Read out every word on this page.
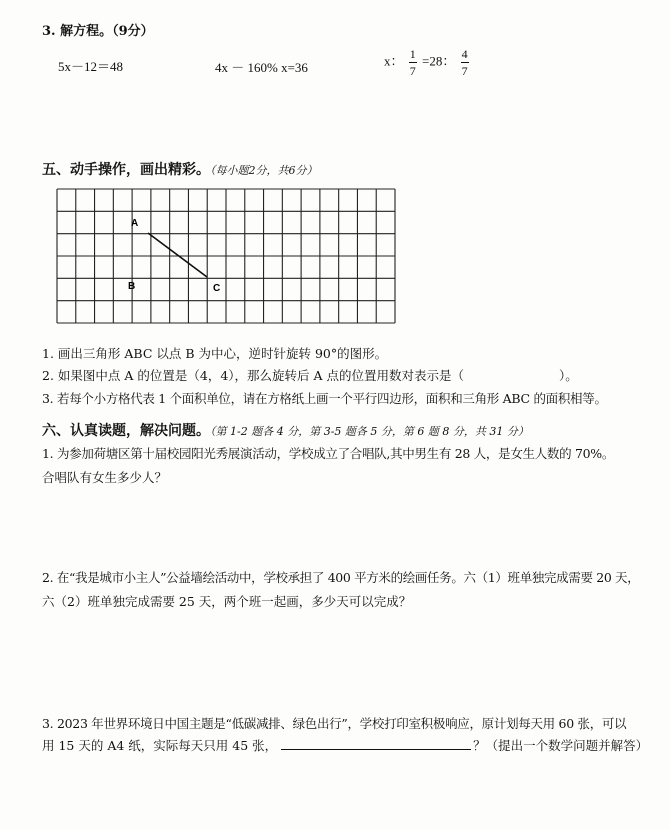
3. 解方程。（9分）
5x－12＝48	4x － 160% x=36	x： $\frac{1}{7} =28$： $\frac{4}{7}$
五、动手操作，画出精彩。（每小题2分，共6分）
A
B	C
1. 画出三角形 ABC 以点 B 为中心，逆时针旋转 90°的图形。
2. 如果图中点 A 的位置是（4，4），那么旋转后 A 点的位置用数对表示是（	）。
3. 若每个小方格代表 1 个面积单位，请在方格纸上画一个平行四边形，面积和三角形 ABC 的面积相等。
六、认真读题，解决问题。（第 1-2 题各 4 分，第 3-5 题各 5 分，第 6 题 8 分，共 31 分）
1. 为参加荷塘区第十届校园阳光秀展演活动，学校成立了合唱队,其中男生有 28 人，是女生人数的 70%。
合唱队有女生多少人？
2. 在“我是城市小主人”公益墙绘活动中，学校承担了 400 平方米的绘画任务。六（1）班单独完成需要 20 天，
六（2）班单独完成需要 25 天，两个班一起画，多少天可以完成？
3. 2023 年世界环境日中国主题是“低碳减排、绿色出行”，学校打印室积极响应，原计划每天用 60 张，可以
用 15 天的 A4 纸，实际每天只用 45 张，	？（提出一个数学问题并解答）
